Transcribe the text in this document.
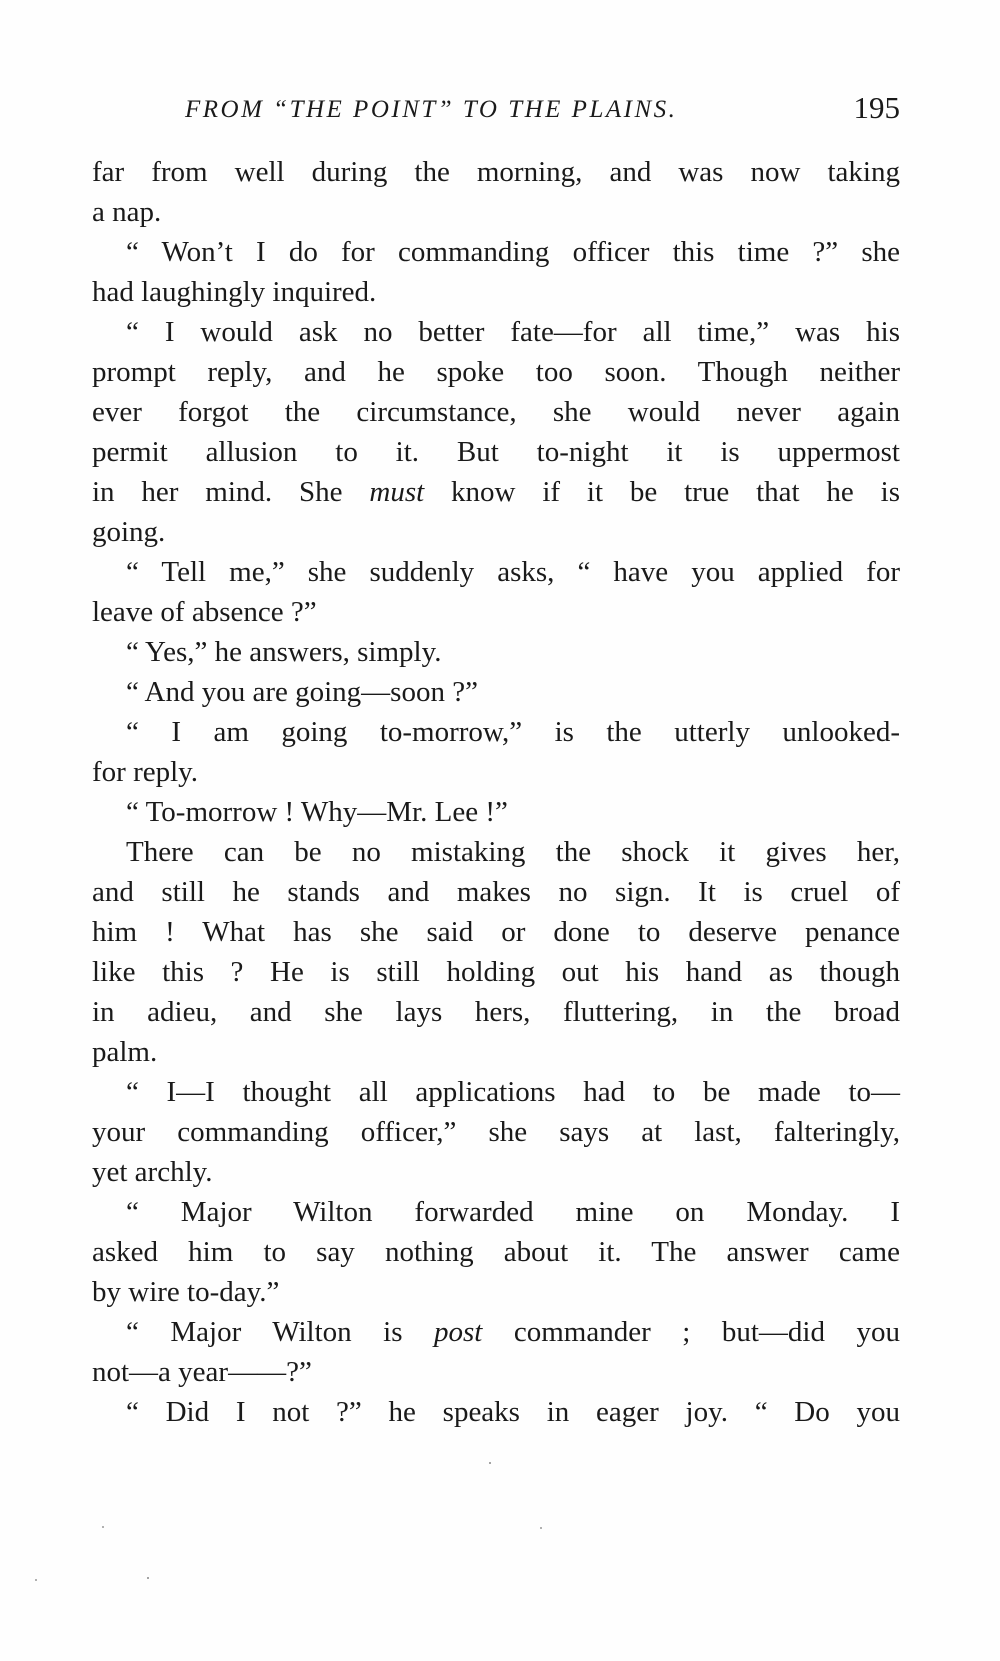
FROM “THE POINT” TO THE PLAINS.	195
far from well during the morning, and was now taking
a nap.
“ Won’t I do for commanding officer this time ?” she
had laughingly inquired.
“ I would ask no better fate—for all time,” was his
prompt reply, and he spoke too soon. Though neither
ever forgot the circumstance, she would never again
permit allusion to it. But to-night it is uppermost
in her mind. She must know if it be true that he is
going.
“ Tell me,” she suddenly asks, “ have you applied for
leave of absence ?”
“ Yes,” he answers, simply.
“ And you are going—soon ?”
“ I am going to-morrow,” is the utterly unlooked-
for reply.
“ To-morrow ! Why—Mr. Lee !”
There can be no mistaking the shock it gives her,
and still he stands and makes no sign. It is cruel of
him ! What has she said or done to deserve penance
like this ? He is still holding out his hand as though
in adieu, and she lays hers, fluttering, in the broad
palm.
“ I—I thought all applications had to be made to—
your commanding officer,” she says at last, falteringly,
yet archly.
“ Major Wilton forwarded mine on Monday. I
asked him to say nothing about it. The answer came
by wire to-day.”
“ Major Wilton is post commander ; but—did you
not—a year——?”
“ Did I not ?” he speaks in eager joy. “ Do you
